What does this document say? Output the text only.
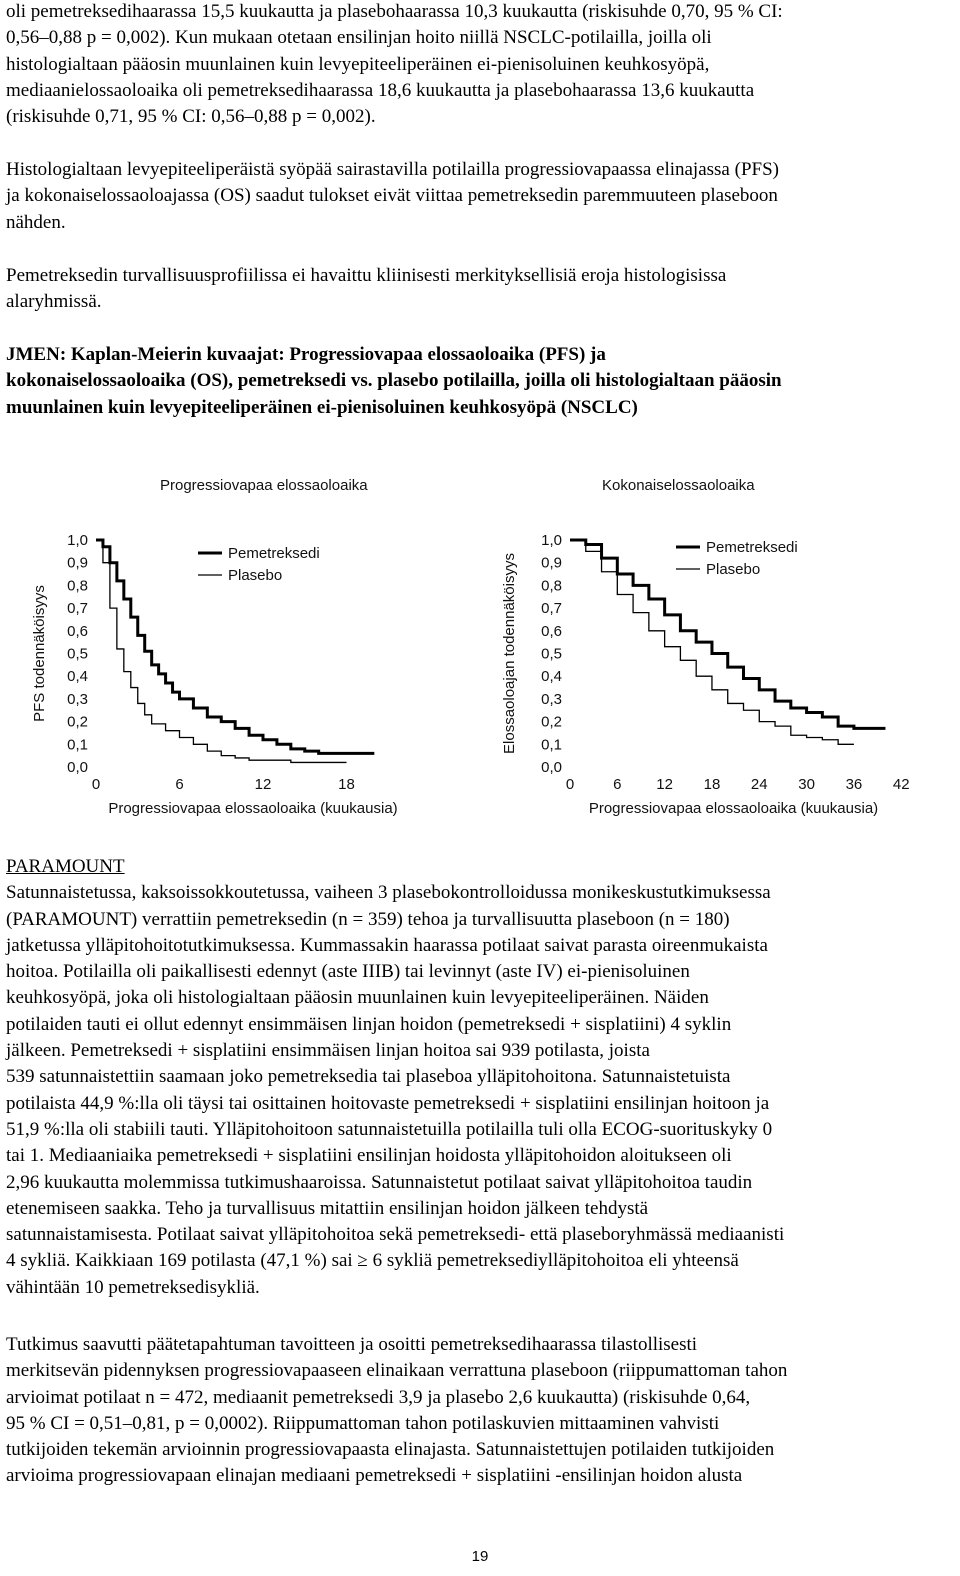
oli pemetreksedihaarassa 15,5 kuukautta ja plasebohaarassa 10,3 kuukautta (riskisuhde 0,70, 95 % CI:
0,56–0,88 p = 0,002). Kun mukaan otetaan ensilinjan hoito niillä NSCLC-potilailla, joilla oli
histologialtaan pääosin muunlainen kuin levyepiteeliperäinen ei-pienisoluinen keuhkosyöpä,
mediaanielossaoloaika oli pemetreksedihaarassa 18,6 kuukautta ja plasebohaarassa 13,6 kuukautta
(riskisuhde 0,71, 95 % CI: 0,56–0,88 p = 0,002).
Histologialtaan levyepiteeliperäistä syöpää sairastavilla potilailla progressiovapaassa elinajassa (PFS)
ja kokonaiselossaoloajassa (OS) saadut tulokset eivät viittaa pemetreksedin paremmuuteen plaseboon
nähden.
Pemetreksedin turvallisuusprofiilissa ei havaittu kliinisesti merkityksellisiä eroja histologisissa
alaryhmissä.
JMEN: Kaplan-Meierin kuvaajat: Progressiovapaa elossaoloaika (PFS) ja
kokonaiselossaoloaika (OS), pemetreksedi vs. plasebo potilailla, joilla oli histologialtaan pääosin
muunlainen kuin levyepiteeliperäinen ei-pienisoluinen keuhkosyöpä (NSCLC)
Progressiovapaa elossaoloaika
0,0
0,1
0,2
0,3
0,4
0,5
0,6
0,7
0,8
0,9
1,0
0	6	12	18
Progressiovapaa elossaoloaika (kuukausia)
PFS todennäköisyys
Pemetreksedi
Plasebo
Kokonaiselossaoloaika
0,0
0,1
0,2
0,3
0,4
0,5
0,6
0,7
0,8
0,9
1,0
0	6 12 18 24 30 36 42
Progressiovapaa elossaoloaika (kuukausia)
Elossaoloajan todennäköisyys
Pemetreksedi
Plasebo
PARAMOUNT
Satunnaistetussa, kaksoissokkoutetussa, vaiheen 3 plasebokontrolloidussa monikeskustutkimuksessa
(PARAMOUNT) verrattiin pemetreksedin (n = 359) tehoa ja turvallisuutta plaseboon (n = 180)
jatketussa ylläpitohoitotutkimuksessa. Kummassakin haarassa potilaat saivat parasta oireenmukaista
hoitoa. Potilailla oli paikallisesti edennyt (aste IIIB) tai levinnyt (aste IV) ei-pienisoluinen
keuhkosyöpä, joka oli histologialtaan pääosin muunlainen kuin levyepiteeliperäinen. Näiden
potilaiden tauti ei ollut edennyt ensimmäisen linjan hoidon (pemetreksedi + sisplatiini) 4 syklin
jälkeen. Pemetreksedi + sisplatiini ensimmäisen linjan hoitoa sai 939 potilasta, joista
539 satunnaistettiin saamaan joko pemetreksedia tai plaseboa ylläpitohoitona. Satunnaistetuista
potilaista 44,9 %:lla oli täysi tai osittainen hoitovaste pemetreksedi + sisplatiini ensilinjan hoitoon ja
51,9 %:lla oli stabiili tauti. Ylläpitohoitoon satunnaistetuilla potilailla tuli olla ECOG-suorituskyky 0
tai 1. Mediaaniaika pemetreksedi + sisplatiini ensilinjan hoidosta ylläpitohoidon aloitukseen oli
2,96 kuukautta molemmissa tutkimushaaroissa. Satunnaistetut potilaat saivat ylläpitohoitoa taudin
etenemiseen saakka. Teho ja turvallisuus mitattiin ensilinjan hoidon jälkeen tehdystä
satunnaistamisesta. Potilaat saivat ylläpitohoitoa sekä pemetreksedi- että plaseboryhmässä mediaanisti
4 sykliä. Kaikkiaan 169 potilasta (47,1 %) sai ≥ 6 sykliä pemetreksediylläpitohoitoa eli yhteensä
vähintään 10 pemetreksedisykliä.
Tutkimus saavutti päätetapahtuman tavoitteen ja osoitti pemetreksedihaarassa tilastollisesti
merkitsevän pidennyksen progressiovapaaseen elinaikaan verrattuna plaseboon (riippumattoman tahon
arvioimat potilaat n = 472, mediaanit pemetreksedi 3,9 ja plasebo 2,6 kuukautta) (riskisuhde 0,64,
95 % CI = 0,51–0,81, p = 0,0002). Riippumattoman tahon potilaskuvien mittaaminen vahvisti
tutkijoiden tekemän arvioinnin progressiovapaasta elinajasta. Satunnaistettujen potilaiden tutkijoiden
arvioima progressiovapaan elinajan mediaani pemetreksedi + sisplatiini -ensilinjan hoidon alusta
19
